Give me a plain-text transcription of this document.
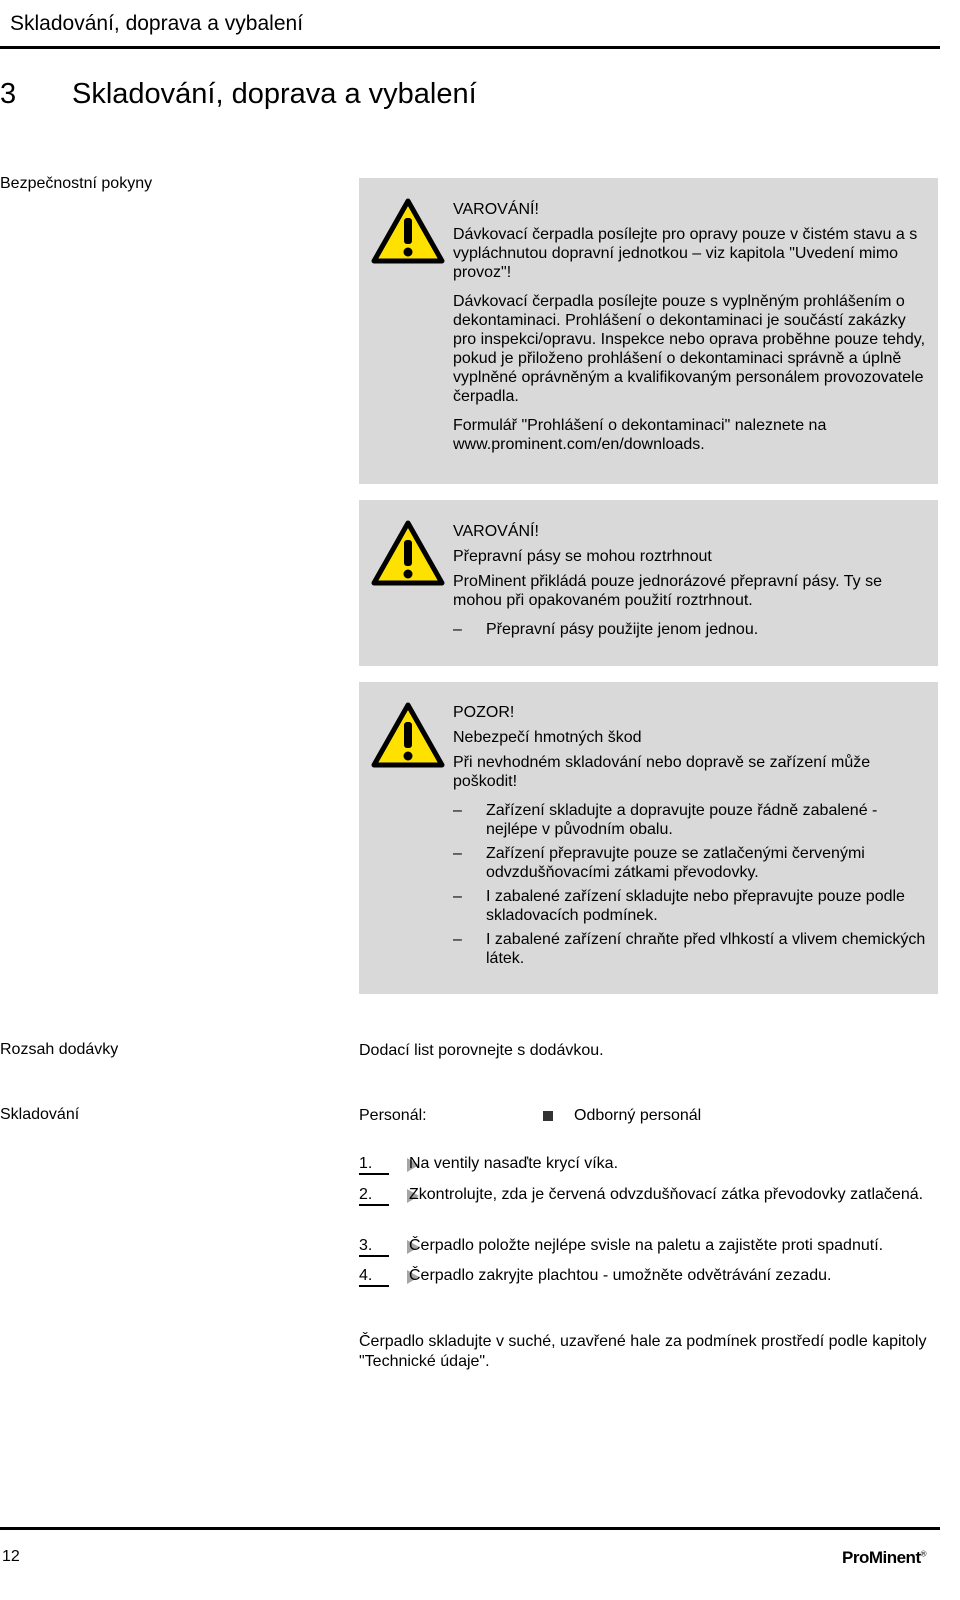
Skladování, doprava a vybalení
3 Skladování, doprava a vybalení
Bezpečnostní pokyny

VAROVÁNÍ!

Dávkovací čerpadla posílejte pro opravy pouze v čistém stavu a s vypláchnutou dopravní jednotkou – viz kapitola "Uvedení mimo provoz"!

Dávkovací čerpadla posílejte pouze s vyplněným prohlášením o dekontaminaci. Prohlášení o dekontaminaci je součástí zakázky pro inspekci/opravu. Inspekce nebo oprava proběhne pouze tehdy, pokud je přiloženo prohlášení o dekontaminaci správně a úplně vyplněné oprávněným a kvalifikovaným personálem provozovatele čerpadla.

Formulář "Prohlášení o dekontaminaci" naleznete na www.prominent.com/en/downloads.

VAROVÁNÍ!

Přepravní pásy se mohou roztrhnout

ProMinent přikládá pouze jednorázové přepravní pásy. Ty se mohou při opakovaném použití roztrhnout.

– Přepravní pásy použijte jenom jednou.

POZOR!

Nebezpečí hmotných škod

Při nevhodném skladování nebo dopravě se zařízení může poškodit!

– Zařízení skladujte a dopravujte pouze řádně zabalené - nejlépe v původním obalu.
– Zařízení přepravujte pouze se zatlačenými červenými odvzdušňovacími zátkami převodovky.
– I zabalené zařízení skladujte nebo přepravujte pouze podle skladovacích podmínek.
– I zabalené zařízení chraňte před vlhkostí a vlivem chemických látek.
Rozsah dodávky	Dodací list porovnejte s dodávkou.
Skladování	Personál:	Odborný personál
1. Na ventily nasaďte krycí víka.
2. Zkontrolujte, zda je červená odvzdušňovací zátka převodovky zatlačená.
3. Čerpadlo položte nejlépe svisle na paletu a zajistěte proti spadnutí.
4. Čerpadlo zakryjte plachtou - umožněte odvětrávání zezadu.
Čerpadlo skladujte v suché, uzavřené hale za podmínek prostředí podle kapitoly "Technické údaje".
12	ProMinent®
